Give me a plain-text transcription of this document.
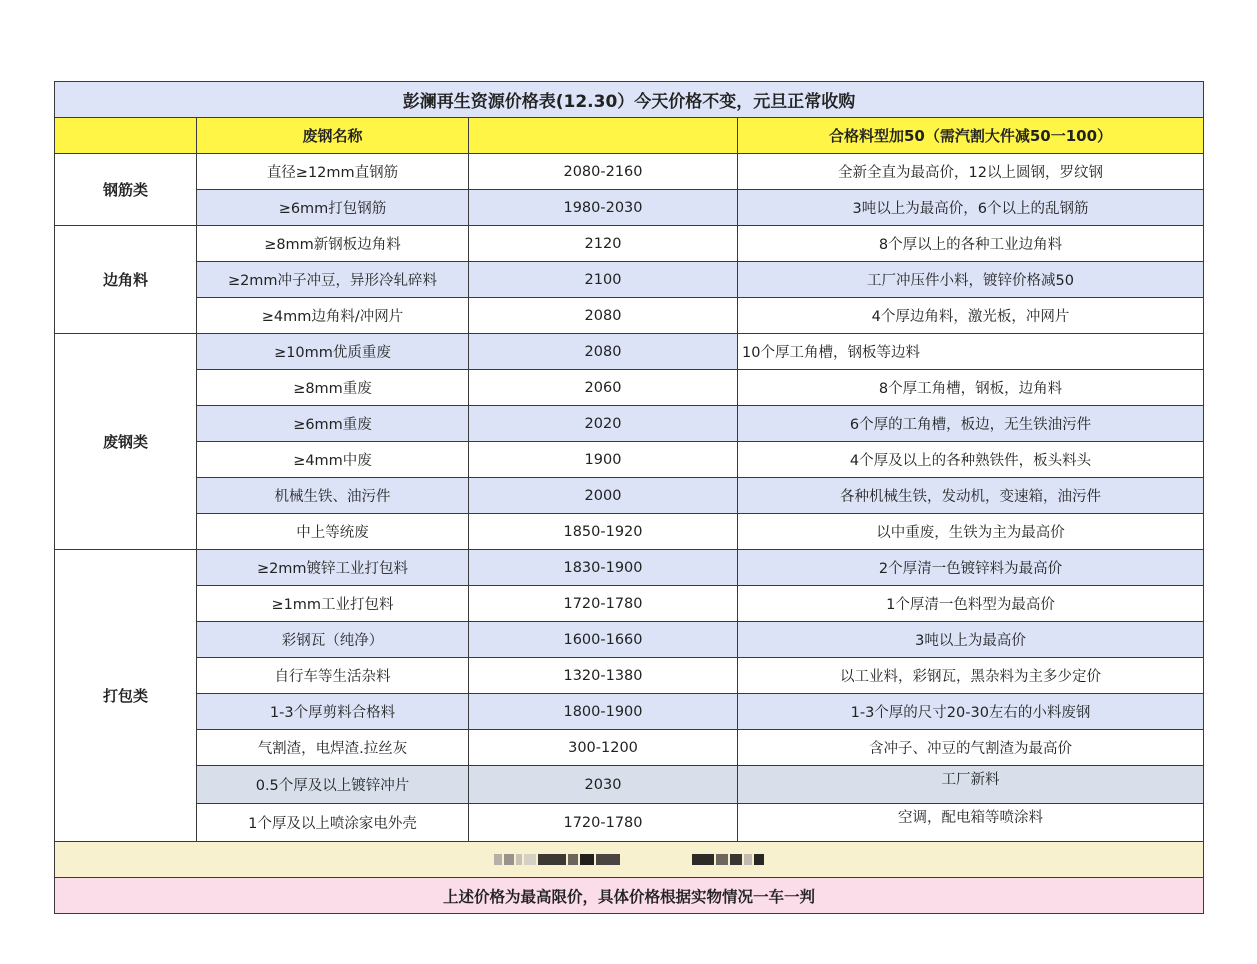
彭澜再生资源价格表(12.30）今天价格不变，元旦正常收购			
	废钢名称		合格料型加50（需汽割大件减50一100）
钢筋类	直径≥12mm直钢筋	2080-2160	全新全直为最高价，12以上圆钢，罗纹钢
	≥6mm打包钢筋	1980-2030	3吨以上为最高价，6个以上的乱钢筋
边角料	≥8mm新钢板边角料	2120	8个厚以上的各种工业边角料
	≥2mm冲子冲豆，异形冷轧碎料	2100	工厂冲压件小料，镀锌价格减50
	≥4mm边角料/冲网片	2080	4个厚边角料，激光板，冲网片
废钢类	≥10mm优质重废	2080	10个厚工角槽，钢板等边料
	≥8mm重废	2060	8个厚工角槽，钢板，边角料
	≥6mm重废	2020	6个厚的工角槽，板边，无生铁油污件
	≥4mm中废	1900	4个厚及以上的各种熟铁件，板头料头
	机械生铁、油污件	2000	各种机械生铁，发动机，变速箱，油污件
	中上等统废	1850-1920	以中重废，生铁为主为最高价
打包类	≥2mm镀锌工业打包料	1830-1900	2个厚清一色镀锌料为最高价
	≥1mm工业打包料	1720-1780	1个厚清一色料型为最高价
	彩钢瓦（纯净）	1600-1660	3吨以上为最高价
	自行车等生活杂料	1320-1380	以工业料，彩钢瓦，黑杂料为主多少定价
	1-3个厚剪料合格料	1800-1900	1-3个厚的尺寸20-30左右的小料废钢
	气割渣，电焊渣.拉丝灰	300-1200	含冲子、冲豆的气割渣为最高价
	0.5个厚及以上镀锌冲片	2030	工厂新料
	1个厚及以上喷涂家电外壳	1720-1780	空调，配电箱等喷涂料

上述价格为最高限价，具体价格根据实物情况一车一判			
